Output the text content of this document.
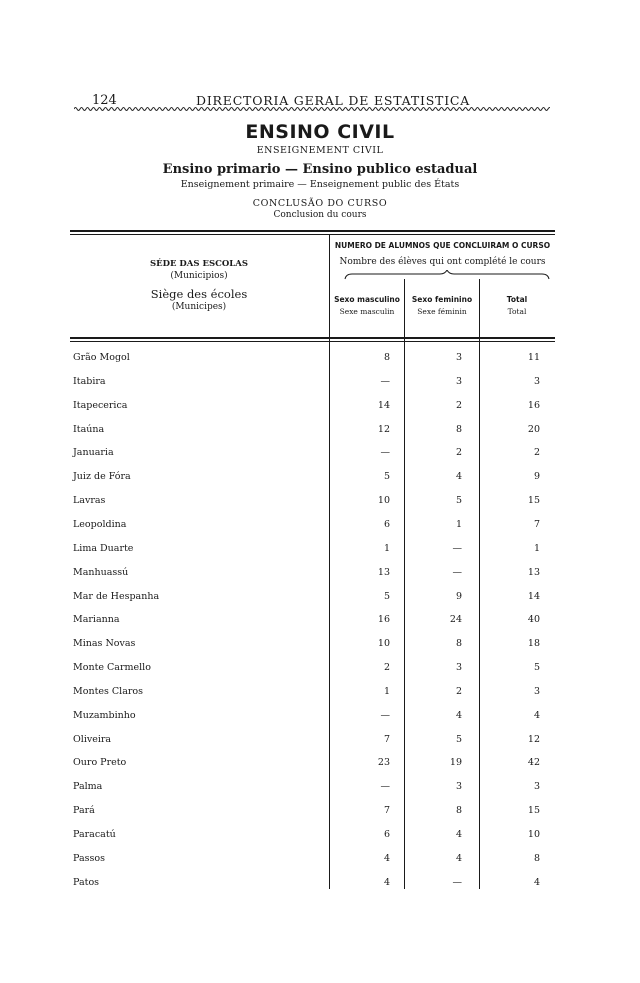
124	DIRECTORIA GERAL DE ESTATISTICA
ENSINO CIVIL
ENSEIGNEMENT CIVIL
Ensino primario — Ensino publico estadual
Enseignement primaire — Enseignement public des États
CONCLUSÃO DO CURSO
Conclusion du cours
SÉDE DAS ESCOLAS
(Municipios)
Siège des écoles
(Municipes)
NUMERO DE ALUMNOS QUE CONCLUIRAM O CURSO
Nombre des élèves qui ont complété le cours
Sexo masculino
Sexe masculin
Sexo feminino
Sexe féminin
Total
Total
Grão Mogol	8	3	11
Itabira	—	3	3
Itapecerica	14	2	16
Itaúna	12	8	20
Januaria	—	2	2
Juiz de Fóra	5	4	9
Lavras	10	5	15
Leopoldina	6	1	7
Lima Duarte	1	—	1
Manhuassú	13	—	13
Mar de Hespanha	5	9	14
Marianna	16	24	40
Minas Novas	10	8	18
Monte Carmello	2	3	5
Montes Claros	1	2	3
Muzambinho	—	4	4
Oliveira	7	5	12
Ouro Preto	23	19	42
Palma	—	3	3
Pará	7	8	15
Paracatú	6	4	10
Passos	4	4	8
Patos	4	—	4
